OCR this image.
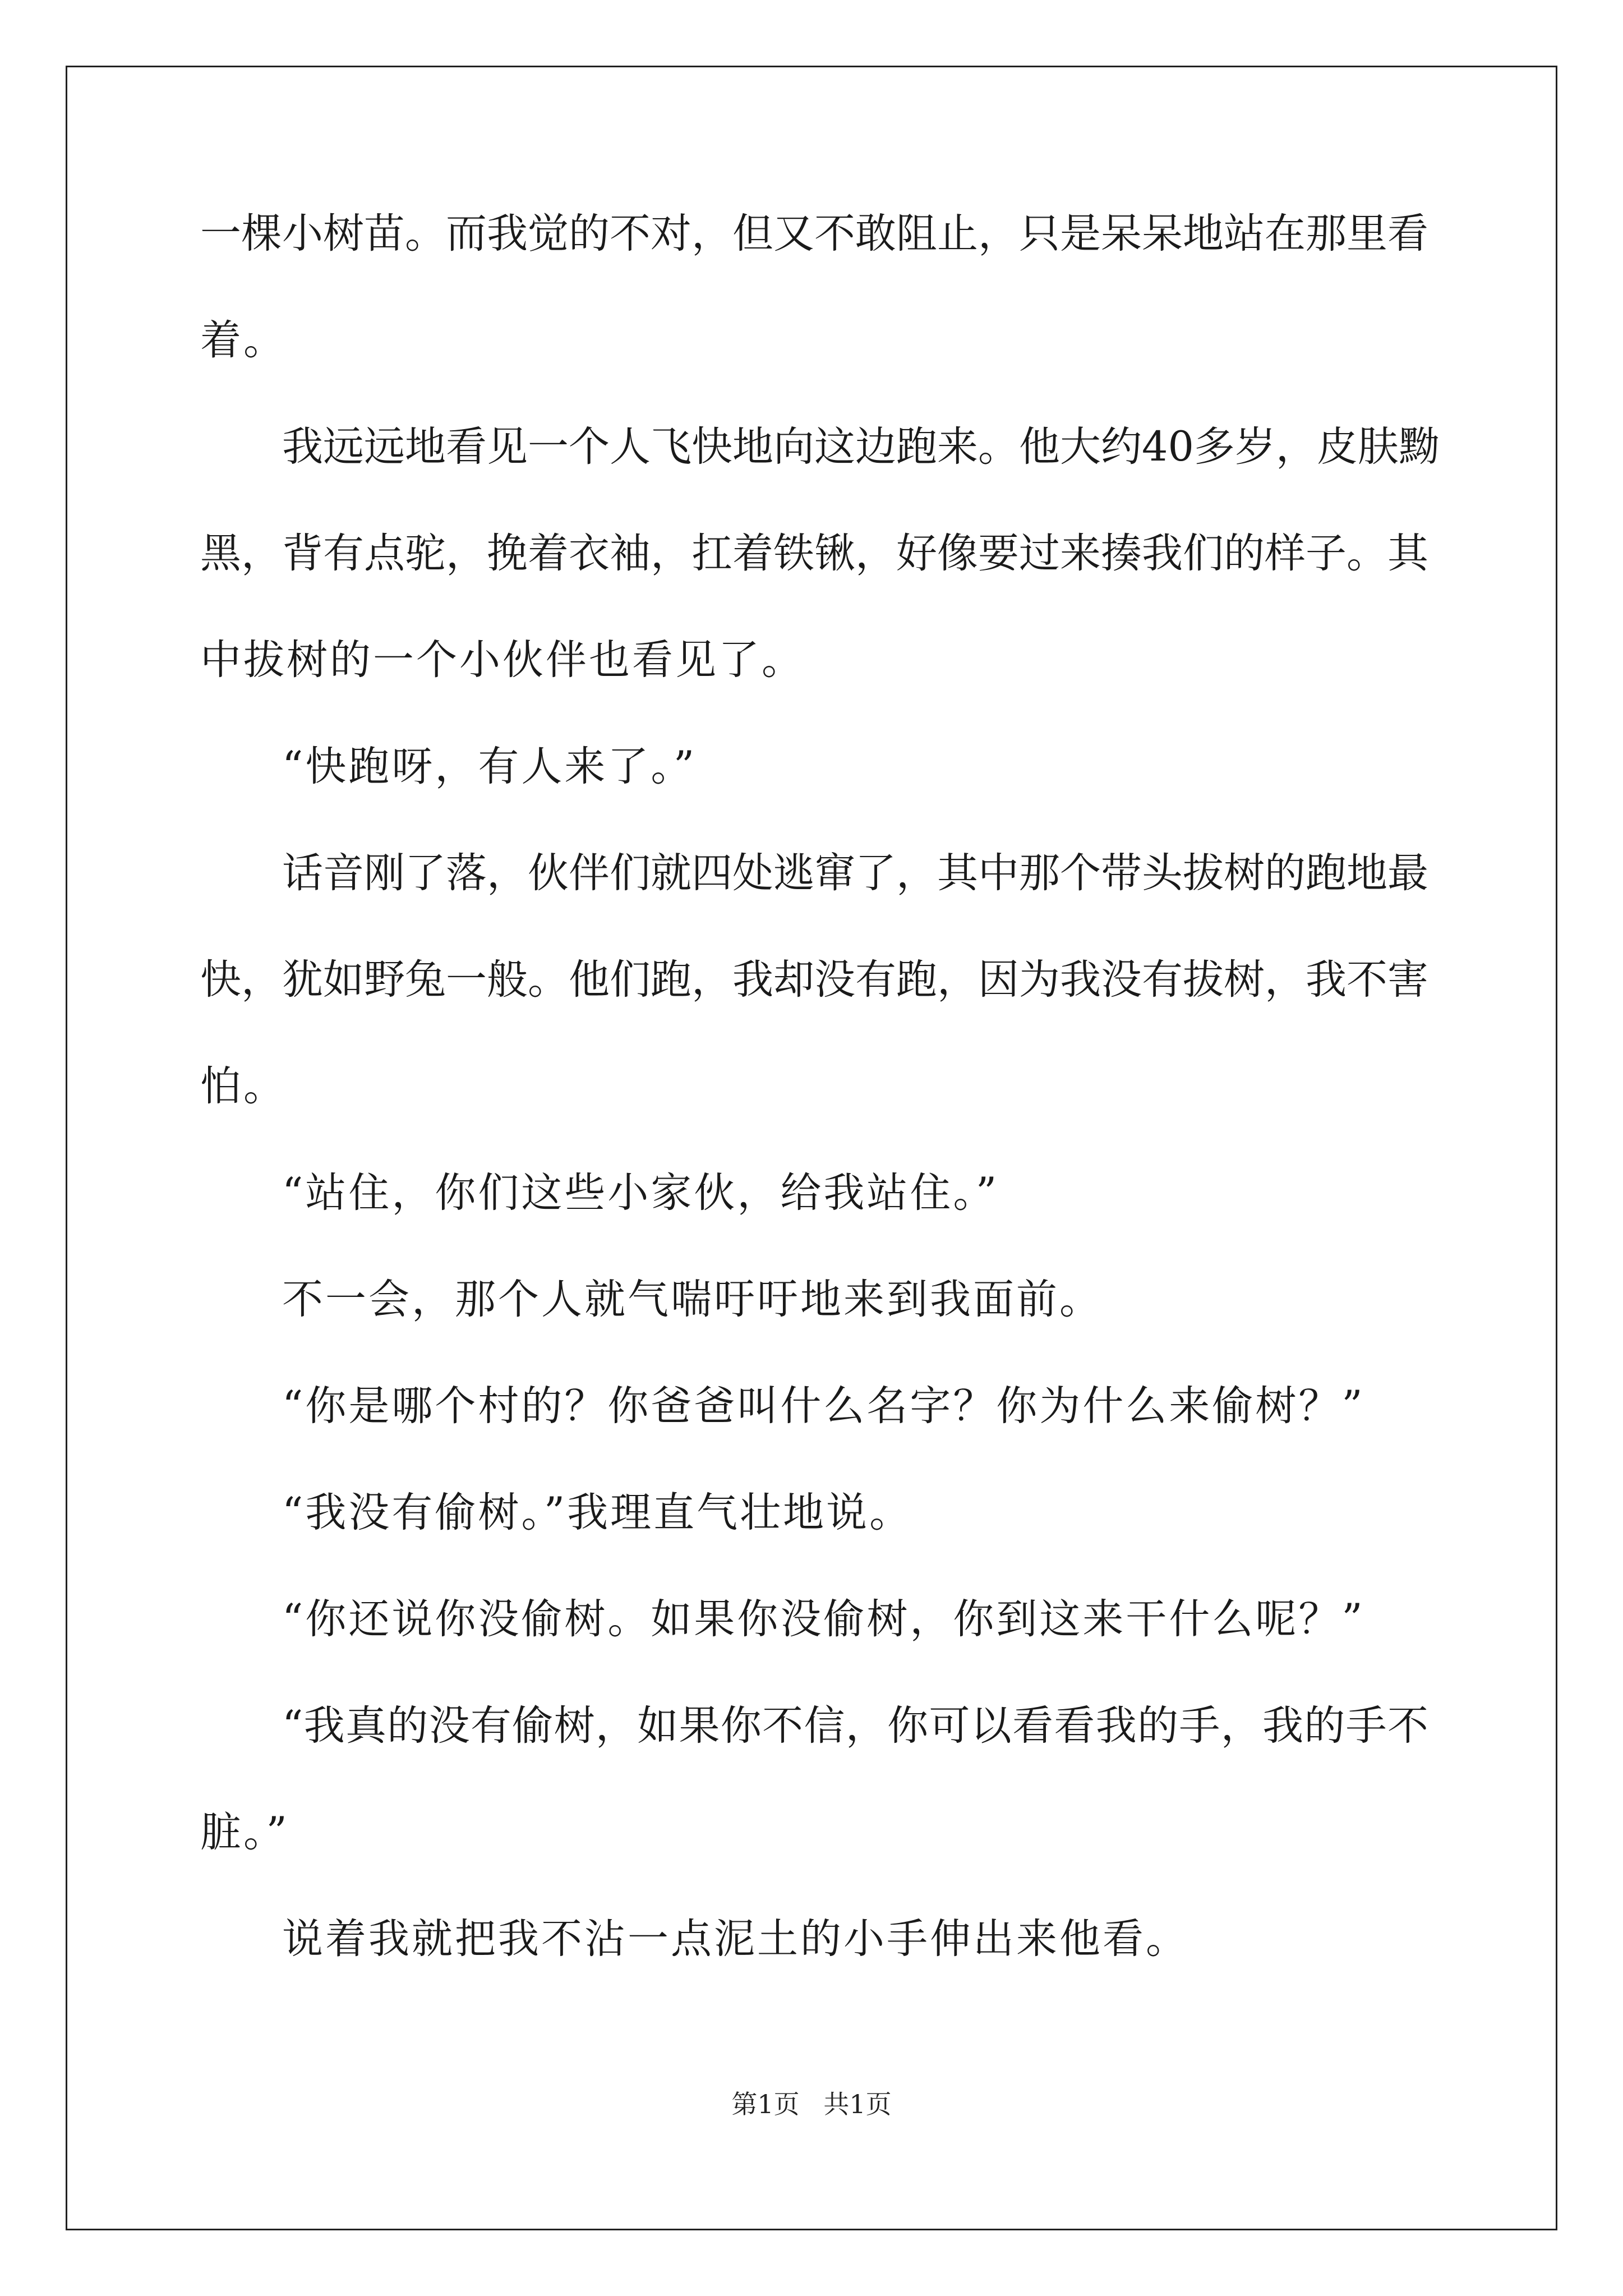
一棵小树苗。而我觉的不对，但又不敢阻止，只是呆呆地站在那里看
着。
我远远地看见一个人飞快地向这边跑来。他大约40多岁，皮肤黝
黑，背有点驼，挽着衣袖，扛着铁锹，好像要过来揍我们的样子。其
中拔树的一个小伙伴也看见了。
“快跑呀，有人来了。”
话音刚了落，伙伴们就四处逃窜了，其中那个带头拔树的跑地最
快，犹如野兔一般。他们跑，我却没有跑，因为我没有拔树，我不害
怕。
“站住，你们这些小家伙，给我站住。”
不一会，那个人就气喘吁吁地来到我面前。
“你是哪个村的？你爸爸叫什么名字？你为什么来偷树？”
“我没有偷树。”我理直气壮地说。
“你还说你没偷树。如果你没偷树，你到这来干什么呢？”
“我真的没有偷树，如果你不信，你可以看看我的手，我的手不
脏。”
说着我就把我不沾一点泥土的小手伸出来他看。
第1页 共1页
